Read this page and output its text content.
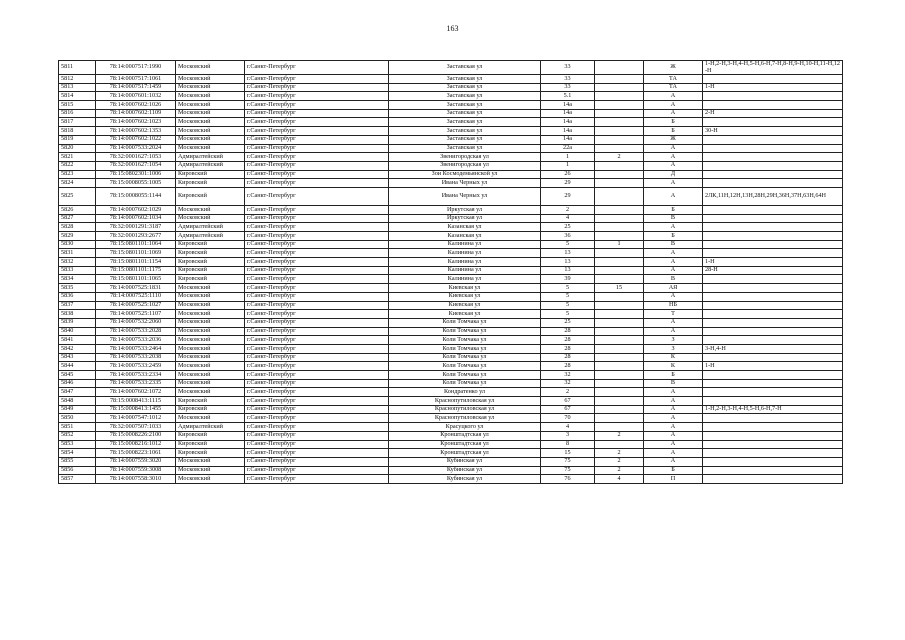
163
5811	78:14:0007517:1990	Московский	г.Санкт-Петербург	Заставская ул	33		Ж	1-Н,2-Н,3-Н,4-Н,5-Н,6-Н,7-Н,8-Н,9-Н,10-Н,11-Н,12-Н
5812	78:14:0007517:1061	Московский	г.Санкт-Петербург	Заставская ул	33		ТА	
5813	78:14:0007517:1459	Московский	г.Санкт-Петербург	Заставская ул	33		ТА	1-Н
5814	78:14:0007601:1032	Московский	г.Санкт-Петербург	Заставская ул	5.1		А	
5815	78:14:0007602:1026	Московский	г.Санкт-Петербург	Заставская ул	14а		А	
5816	78:14:0007602:1109	Московский	г.Санкт-Петербург	Заставская ул	14а		А	2-Н
5817	78:14:0007602:1023	Московский	г.Санкт-Петербург	Заставская ул	14а		Б	
5818	78:14:0007602:1353	Московский	г.Санкт-Петербург	Заставская ул	14а		Б	30-Н
5819	78:14:0007602:1022	Московский	г.Санкт-Петербург	Заставская ул	14а		Ж	
5820	78:14:0007533:2024	Московский	г.Санкт-Петербург	Заставская ул	22а		А	
5821	78:32:0001627:1053	Адмиралтейский	г.Санкт-Петербург	Звенигородская ул	1	2	А	
5822	78:32:0001627:1054	Адмиралтейский	г.Санкт-Петербург	Звенигородская ул	1		А	
5823	78:15:0802301:1006	Кировский	г.Санкт-Петербург	Зои Космодемьянской ул	26		Д	
5824	78:15:0008055:1005	Кировский	г.Санкт-Петербург	Ивана Черных ул	29		А	
5825	78:15:0008055:1144	Кировский	г.Санкт-Петербург	Ивана Черных ул	29		А	2ЛК,11Н,12Н,13Н,28Н,29Н,36Н,37Н,63Н,64Н
5826	78:14:0007602:1029	Московский	г.Санкт-Петербург	Иркутская ул	2		Б	
5827	78:14:0007602:1034	Московский	г.Санкт-Петербург	Иркутская ул	4		В	
5828	78:32:0001291:3187	Адмиралтейский	г.Санкт-Петербург	Казанская ул	25		А	
5829	78:32:0001293:2677	Адмиралтейский	г.Санкт-Петербург	Казанская ул	36		Б	
5830	78:15:0801101:1064	Кировский	г.Санкт-Петербург	Калинина ул	5	1	В	
5831	78:15:0801101:1069	Кировский	г.Санкт-Петербург	Калинина ул	13		А	
5832	78:15:0801101:1154	Кировский	г.Санкт-Петербург	Калинина ул	13		А	1-Н
5833	78:15:0801101:1175	Кировский	г.Санкт-Петербург	Калинина ул	13		А	28-Н
5834	78:15:0801101:1065	Кировский	г.Санкт-Петербург	Калинина ул	39		В	
5835	78:14:0007525:1831	Московский	г.Санкт-Петербург	Киевская ул	5	15	АЯ	
5836	78:14:0007525:1110	Московский	г.Санкт-Петербург	Киевская ул	5		А	
5837	78:14:0007525:1027	Московский	г.Санкт-Петербург	Киевская ул	5		НБ	
5838	78:14:0007525:1107	Московский	г.Санкт-Петербург	Киевская ул	5		Т	
5839	78:14:0007532:2060	Московский	г.Санкт-Петербург	Коли Томчака ул	25		А	
5840	78:14:0007533:2028	Московский	г.Санкт-Петербург	Коли Томчака ул	28		А	
5841	78:14:0007533:2036	Московский	г.Санкт-Петербург	Коли Томчака ул	28		З	
5842	78:14:0007533:2464	Московский	г.Санкт-Петербург	Коли Томчака ул	28		З	3-Н,4-Н
5843	78:14:0007533:2038	Московский	г.Санкт-Петербург	Коли Томчака ул	28		К	
5844	78:14:0007533:2459	Московский	г.Санкт-Петербург	Коли Томчака ул	28		К	1-Н
5845	78:14:0007533:2334	Московский	г.Санкт-Петербург	Коли Томчака ул	32		Б	
5846	78:14:0007533:2335	Московский	г.Санкт-Петербург	Коли Томчака ул	32		В	
5847	78:14:0007602:1072	Московский	г.Санкт-Петербург	Кондратенко ул	2		А	
5848	78:15:0008413:1115	Кировский	г.Санкт-Петербург	Краснопутиловская ул	67		А	
5849	78:15:0008413:1455	Кировский	г.Санкт-Петербург	Краснопутиловская ул	67		А	1-Н,2-Н,3-Н,4-Н,5-Н,6-Н,7-Н
5850	78:14:0007547:1012	Московский	г.Санкт-Петербург	Краснопутиловская ул	70		А	
5851	78:32:0007507:1033	Адмиралтейский	г.Санкт-Петербург	Красуцкого ул	4		А	
5852	78:15:0008226:2100	Кировский	г.Санкт-Петербург	Кронштадтская ул	3	2	А	
5853	78:15:0008216:1012	Кировский	г.Санкт-Петербург	Кронштадтская ул	8		А	
5854	78:15:0008223:1061	Кировский	г.Санкт-Петербург	Кронштадтская ул	15	2	А	
5855	78:14:0007559:3020	Московский	г.Санкт-Петербург	Кубинская ул	75	2	А	
5856	78:14:0007559:3008	Московский	г.Санкт-Петербург	Кубинская ул	75	2	Б	
5857	78:14:0007558:3010	Московский	г.Санкт-Петербург	Кубинская ул	76	4	П	
